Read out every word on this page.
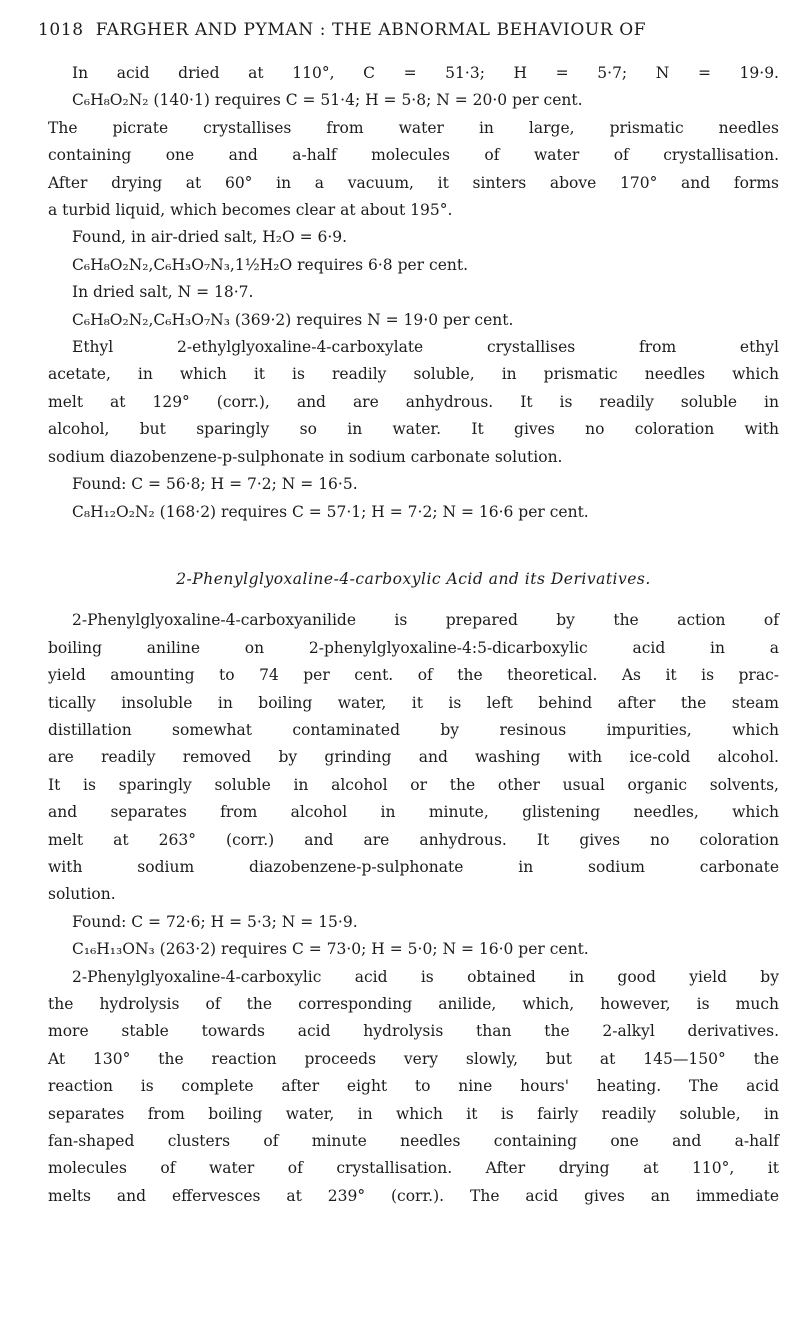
1018 FARGHER AND PYMAN : THE ABNORMAL BEHAVIOUR OF
In acid dried at 110°, C = 51·3; H = 5·7; N = 19·9.
C₆H₈O₂N₂ (140·1) requires C = 51·4; H = 5·8; N = 20·0 per cent.
The picrate crystallises from water in large, prismatic needles
containing one and a-half molecules of water of crystallisation.
After drying at 60° in a vacuum, it sinters above 170° and forms
a turbid liquid, which becomes clear at about 195°.
Found, in air-dried salt, H₂O = 6·9.
C₆H₈O₂N₂,C₆H₃O₇N₃,1½H₂O requires 6·8 per cent.
In dried salt, N = 18·7.
C₆H₈O₂N₂,C₆H₃O₇N₃ (369·2) requires N = 19·0 per cent.
Ethyl 2-ethylglyoxaline-4-carboxylate crystallises from ethyl
acetate, in which it is readily soluble, in prismatic needles which
melt at 129° (corr.), and are anhydrous. It is readily soluble in
alcohol, but sparingly so in water. It gives no coloration with
sodium diazobenzene-p-sulphonate in sodium carbonate solution.
Found: C = 56·8; H = 7·2; N = 16·5.
C₈H₁₂O₂N₂ (168·2) requires C = 57·1; H = 7·2; N = 16·6 per cent.
2-Phenylglyoxaline-4-carboxylic Acid and its Derivatives.
2-Phenylglyoxaline-4-carboxyanilide is prepared by the action of
boiling aniline on 2-phenylglyoxaline-4:5-dicarboxylic acid in a
yield amounting to 74 per cent. of the theoretical. As it is prac-
tically insoluble in boiling water, it is left behind after the steam
distillation somewhat contaminated by resinous impurities, which
are readily removed by grinding and washing with ice-cold alcohol.
It is sparingly soluble in alcohol or the other usual organic solvents,
and separates from alcohol in minute, glistening needles, which
melt at 263° (corr.) and are anhydrous. It gives no coloration
with sodium diazobenzene-p-sulphonate in sodium carbonate
solution.
Found: C = 72·6; H = 5·3; N = 15·9.
C₁₆H₁₃ON₃ (263·2) requires C = 73·0; H = 5·0; N = 16·0 per cent.
2-Phenylglyoxaline-4-carboxylic acid is obtained in good yield by
the hydrolysis of the corresponding anilide, which, however, is much
more stable towards acid hydrolysis than the 2-alkyl derivatives.
At 130° the reaction proceeds very slowly, but at 145—150° the
reaction is complete after eight to nine hours' heating. The acid
separates from boiling water, in which it is fairly readily soluble, in
fan-shaped clusters of minute needles containing one and a-half
molecules of water of crystallisation. After drying at 110°, it
melts and effervesces at 239° (corr.). The acid gives an immediate
